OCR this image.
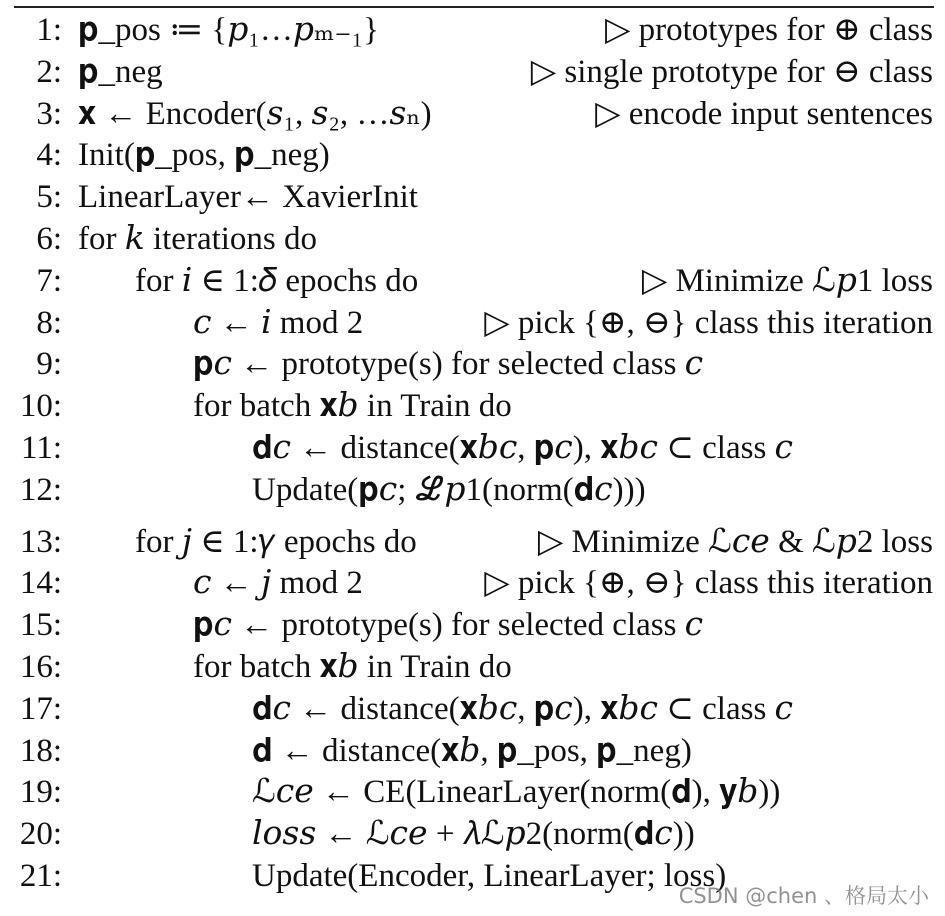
1: 𝐩_pos ≔ {𝑝₁…𝑝ₘ₋₁}	▷ prototypes for ⊕ class
2: 𝐩_neg	▷ single prototype for ⊖ class
3: 𝐱 ← Encoder(𝑠₁, 𝑠₂, …𝑠ₙ)	▷ encode input sentences
4: Init(𝐩_pos, 𝐩_neg)
5: LinearLayer← XavierInit
6: for 𝑘 iterations do
7: for 𝑖 ∈ 1:𝛿 epochs do	▷ Minimize ℒ𝑝1 loss
8:	𝑐 ← 𝑖 mod 2	▷ pick {⊕, ⊖} class this iteration
9:	𝐩𝑐 ← prototype(s) for selected class 𝑐
10:	for batch 𝐱𝑏 in Train do
11:	𝐝𝑐 ← distance(𝐱𝑏𝑐, 𝐩𝑐), 𝐱𝑏𝑐 ⊂ class 𝑐
12:	Update(𝐩𝑐; ℒ𝑝1(norm(𝐝𝑐)))
13: for 𝑗 ∈ 1:𝛾 epochs do	▷ Minimize ℒ𝑐𝑒 & ℒ𝑝2 loss
14:	𝑐 ← 𝑗 mod 2	▷ pick {⊕, ⊖} class this iteration
15:	𝐩𝑐 ← prototype(s) for selected class 𝑐
16:	for batch 𝐱𝑏 in Train do
17:	𝐝𝑐 ← distance(𝐱𝑏𝑐, 𝐩𝑐), 𝐱𝑏𝑐 ⊂ class 𝑐
18:	𝐝 ← distance(𝐱𝑏, 𝐩_pos, 𝐩_neg)
19:	ℒ𝑐𝑒 ← CE(LinearLayer(norm(𝐝), 𝐲𝑏))
20:	𝑙𝑜𝑠𝑠 ← ℒ𝑐𝑒 + 𝜆ℒ𝑝2(norm(𝐝𝑐))
21:	Update(Encoder, LinearLayer; loss)
CSDN @chen 、格局太小
